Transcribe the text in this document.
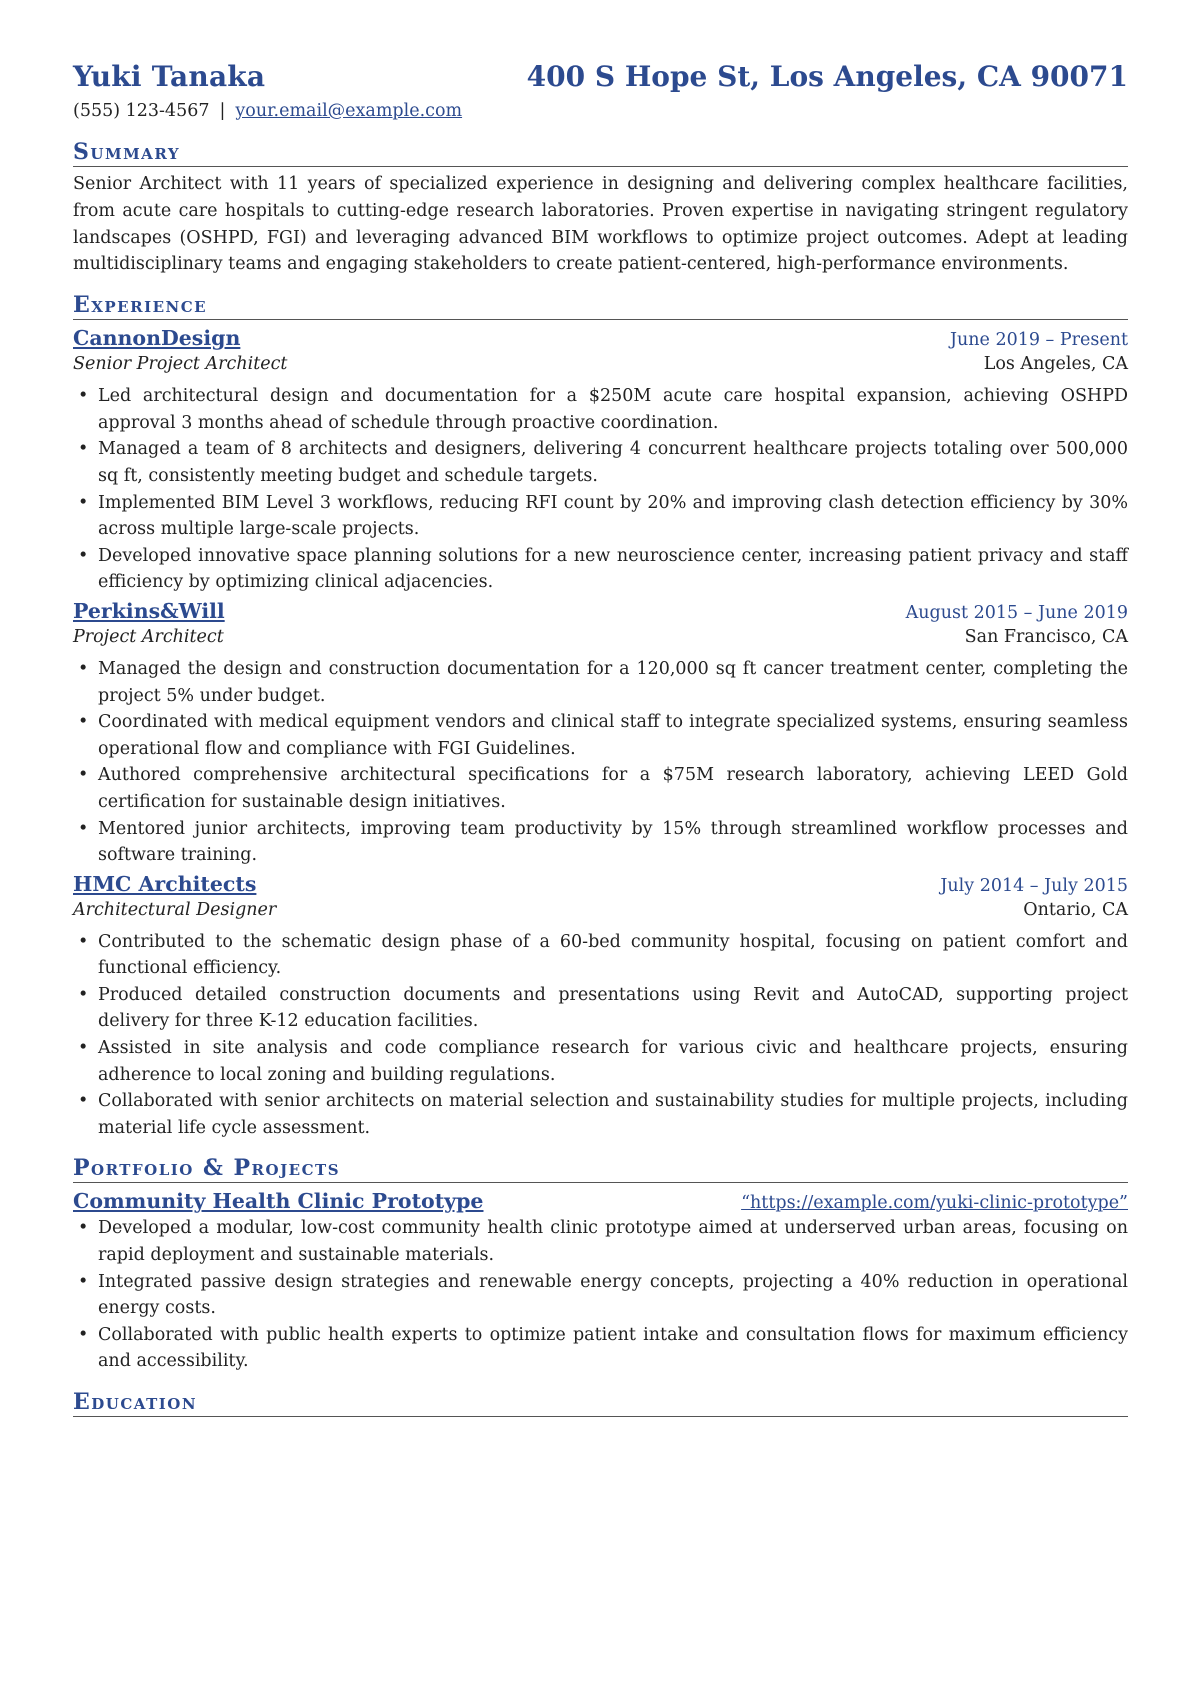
Yuki Tanaka	400 S Hope St, Los Angeles, CA 90071
(555) 123-4567 | your.email@example.com
Summary
Senior Architect with 11 years of specialized experience in designing and delivering complex healthcare facilities, from acute care hospitals to cutting-edge research laboratories. Proven expertise in navigating stringent regulatory landscapes (OSHPD, FGI) and leveraging advanced BIM workflows to optimize project outcomes. Adept at leading multidisciplinary teams and engaging stakeholders to create patient-centered, high-performance environments.
Experience
CannonDesign	June 2019 – Present
Senior Project Architect	Los Angeles, CA
• Led architectural design and documentation for a $250M acute care hospital expansion, achieving OSHPD approval 3 months ahead of schedule through proactive coordination.
• Managed a team of 8 architects and designers, delivering 4 concurrent healthcare projects totaling over 500,000 sq ft, consistently meeting budget and schedule targets.
• Implemented BIM Level 3 workflows, reducing RFI count by 20% and improving clash detection efficiency by 30% across multiple large-scale projects.
• Developed innovative space planning solutions for a new neuroscience center, increasing patient privacy and staff efficiency by optimizing clinical adjacencies.
Perkins&Will	August 2015 – June 2019
Project Architect	San Francisco, CA
• Managed the design and construction documentation for a 120,000 sq ft cancer treatment center, completing the project 5% under budget.
• Coordinated with medical equipment vendors and clinical staff to integrate specialized systems, ensuring seamless operational flow and compliance with FGI Guidelines.
• Authored comprehensive architectural specifications for a $75M research laboratory, achieving LEED Gold certification for sustainable design initiatives.
• Mentored junior architects, improving team productivity by 15% through streamlined workflow processes and software training.
HMC Architects	July 2014 – July 2015
Architectural Designer	Ontario, CA
• Contributed to the schematic design phase of a 60-bed community hospital, focusing on patient comfort and functional efficiency.
• Produced detailed construction documents and presentations using Revit and AutoCAD, supporting project delivery for three K-12 education facilities.
• Assisted in site analysis and code compliance research for various civic and healthcare projects, ensuring adherence to local zoning and building regulations.
• Collaborated with senior architects on material selection and sustainability studies for multiple projects, including material life cycle assessment.
Portfolio & Projects
Community Health Clinic Prototype	“https://example.com/yuki-clinic-prototype”
• Developed a modular, low-cost community health clinic prototype aimed at underserved urban areas, focusing on rapid deployment and sustainable materials.
• Integrated passive design strategies and renewable energy concepts, projecting a 40% reduction in operational energy costs.
• Collaborated with public health experts to optimize patient intake and consultation flows for maximum efficiency and accessibility.
Education
